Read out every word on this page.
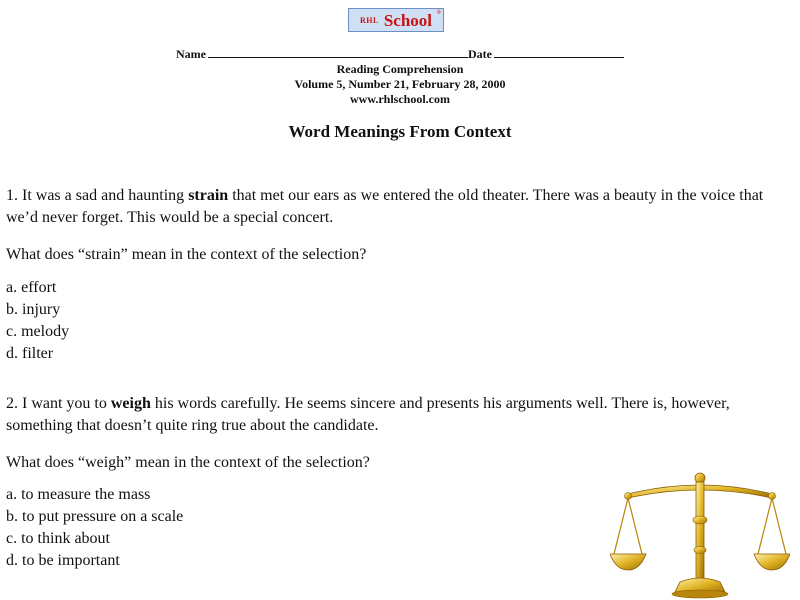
RHL School ®
Name	Date
Reading Comprehension
Volume 5, Number 21, February 28, 2000
www.rhlschool.com
Word Meanings From Context
1. It was a sad and haunting strain that met our ears as we entered the old theater. There was a beauty in the voice that we’d never forget. This would be a special concert.
What does “strain” mean in the context of the selection?
a. effort
b. injury
c. melody
d. filter
2. I want you to weigh his words carefully. He seems sincere and presents his arguments well. There is, however, something that doesn’t quite ring true about the candidate.
What does “weigh” mean in the context of the selection?
a. to measure the mass
b. to put pressure on a scale
c. to think about
d. to be important
